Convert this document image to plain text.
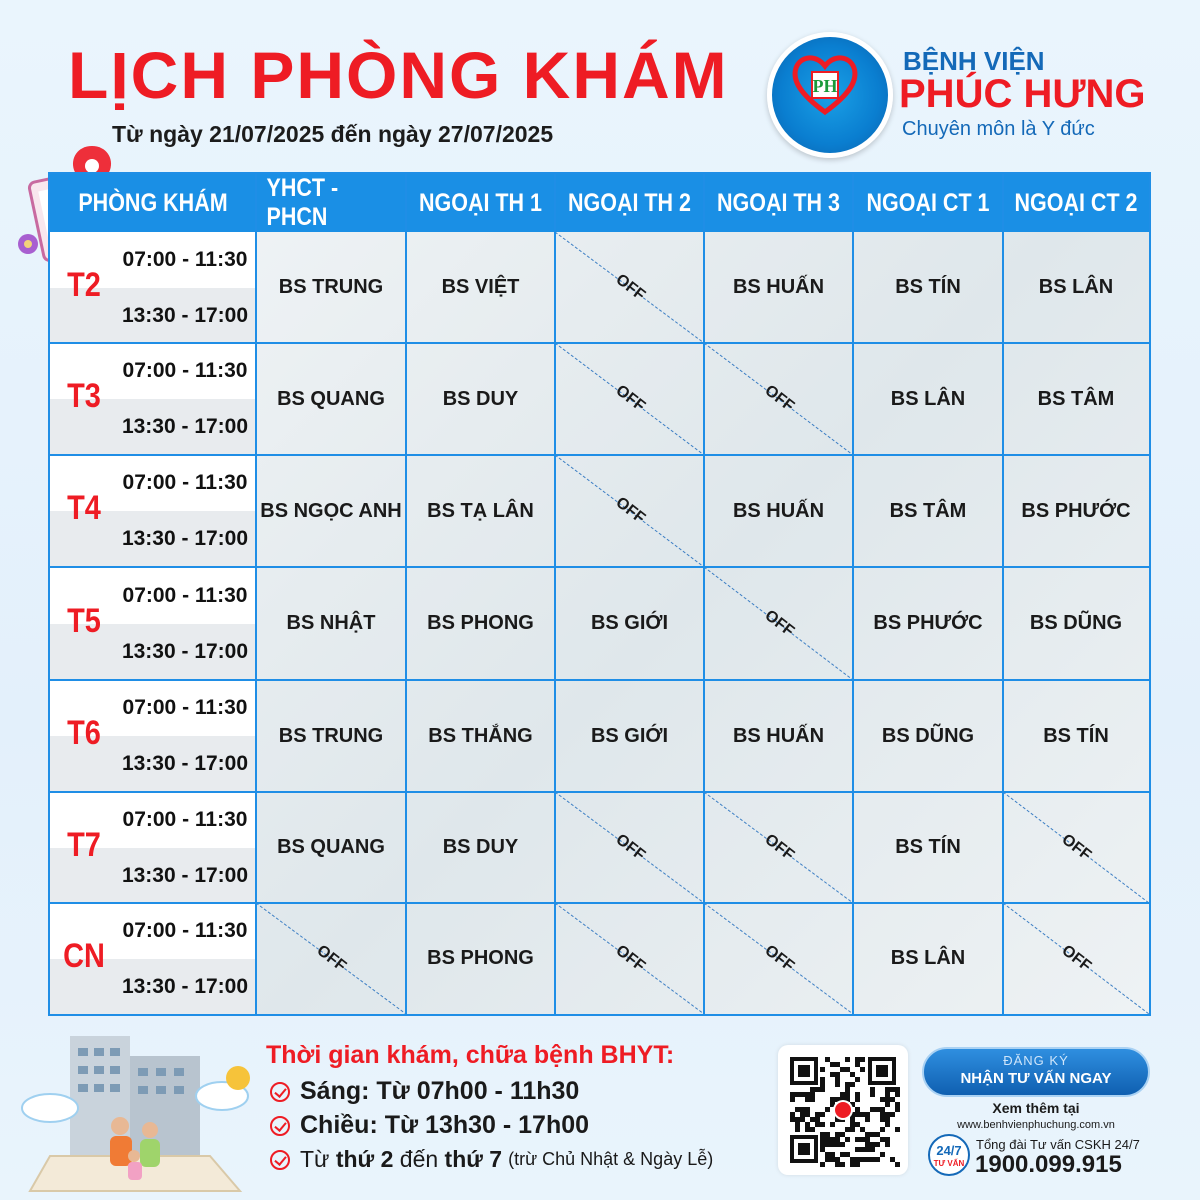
LỊCH PHÒNG KHÁM
Từ ngày 21/07/2025 đến ngày 27/07/2025
PH
BỆNH VIỆN
PHÚC HƯNG
Chuyên môn là Y đức
PHÒNG KHÁM
YHCT - PHCN
NGOẠI TH 1 NGOẠI TH 2 NGOẠI TH 3 NGOẠI CT 1 NGOẠI CT 2
T2
07:00 - 11:30
13:30 - 17:00
BS TRUNG	BS VIỆT	OFF	BS HUẤN	BS TÍN	BS LÂN
T3
07:00 - 11:30
13:30 - 17:00
BS QUANG	BS DUY	OFF	OFF	BS LÂN	BS TÂM
T4
07:00 - 11:30
13:30 - 17:00
BS NGỌC ANH	BS TẠ LÂN	OFF	BS HUẤN	BS TÂM	BS PHƯỚC
T5
07:00 - 11:30
13:30 - 17:00
BS NHẬT	BS PHONG	BS GIỚI	OFF	BS PHƯỚC	BS DŨNG
T6
07:00 - 11:30
13:30 - 17:00
BS TRUNG	BS THẮNG	BS GIỚI	BS HUẤN	BS DŨNG	BS TÍN
T7
07:00 - 11:30
13:30 - 17:00
BS QUANG	BS DUY	OFF	OFF	BS TÍN	OFF
CN
07:00 - 11:30
13:30 - 17:00
OFF	BS PHONG	OFF	OFF	BS LÂN	OFF
Thời gian khám, chữa bệnh BHYT:
Sáng:
Từ 07h00 - 11h30
Chiều:
Từ 13h30 - 17h00
Từ
thứ 2
đến
thứ 7 (trừ Chủ Nhật & Ngày Lễ)
ĐĂNG KÝ
NHẬN TƯ VẤN NGAY
Xem thêm tại
www.benhvienphuchung.com.vn
24/7
TƯ VẤN
Tổng đài Tư vấn CSKH 24/7
1900.099.915
